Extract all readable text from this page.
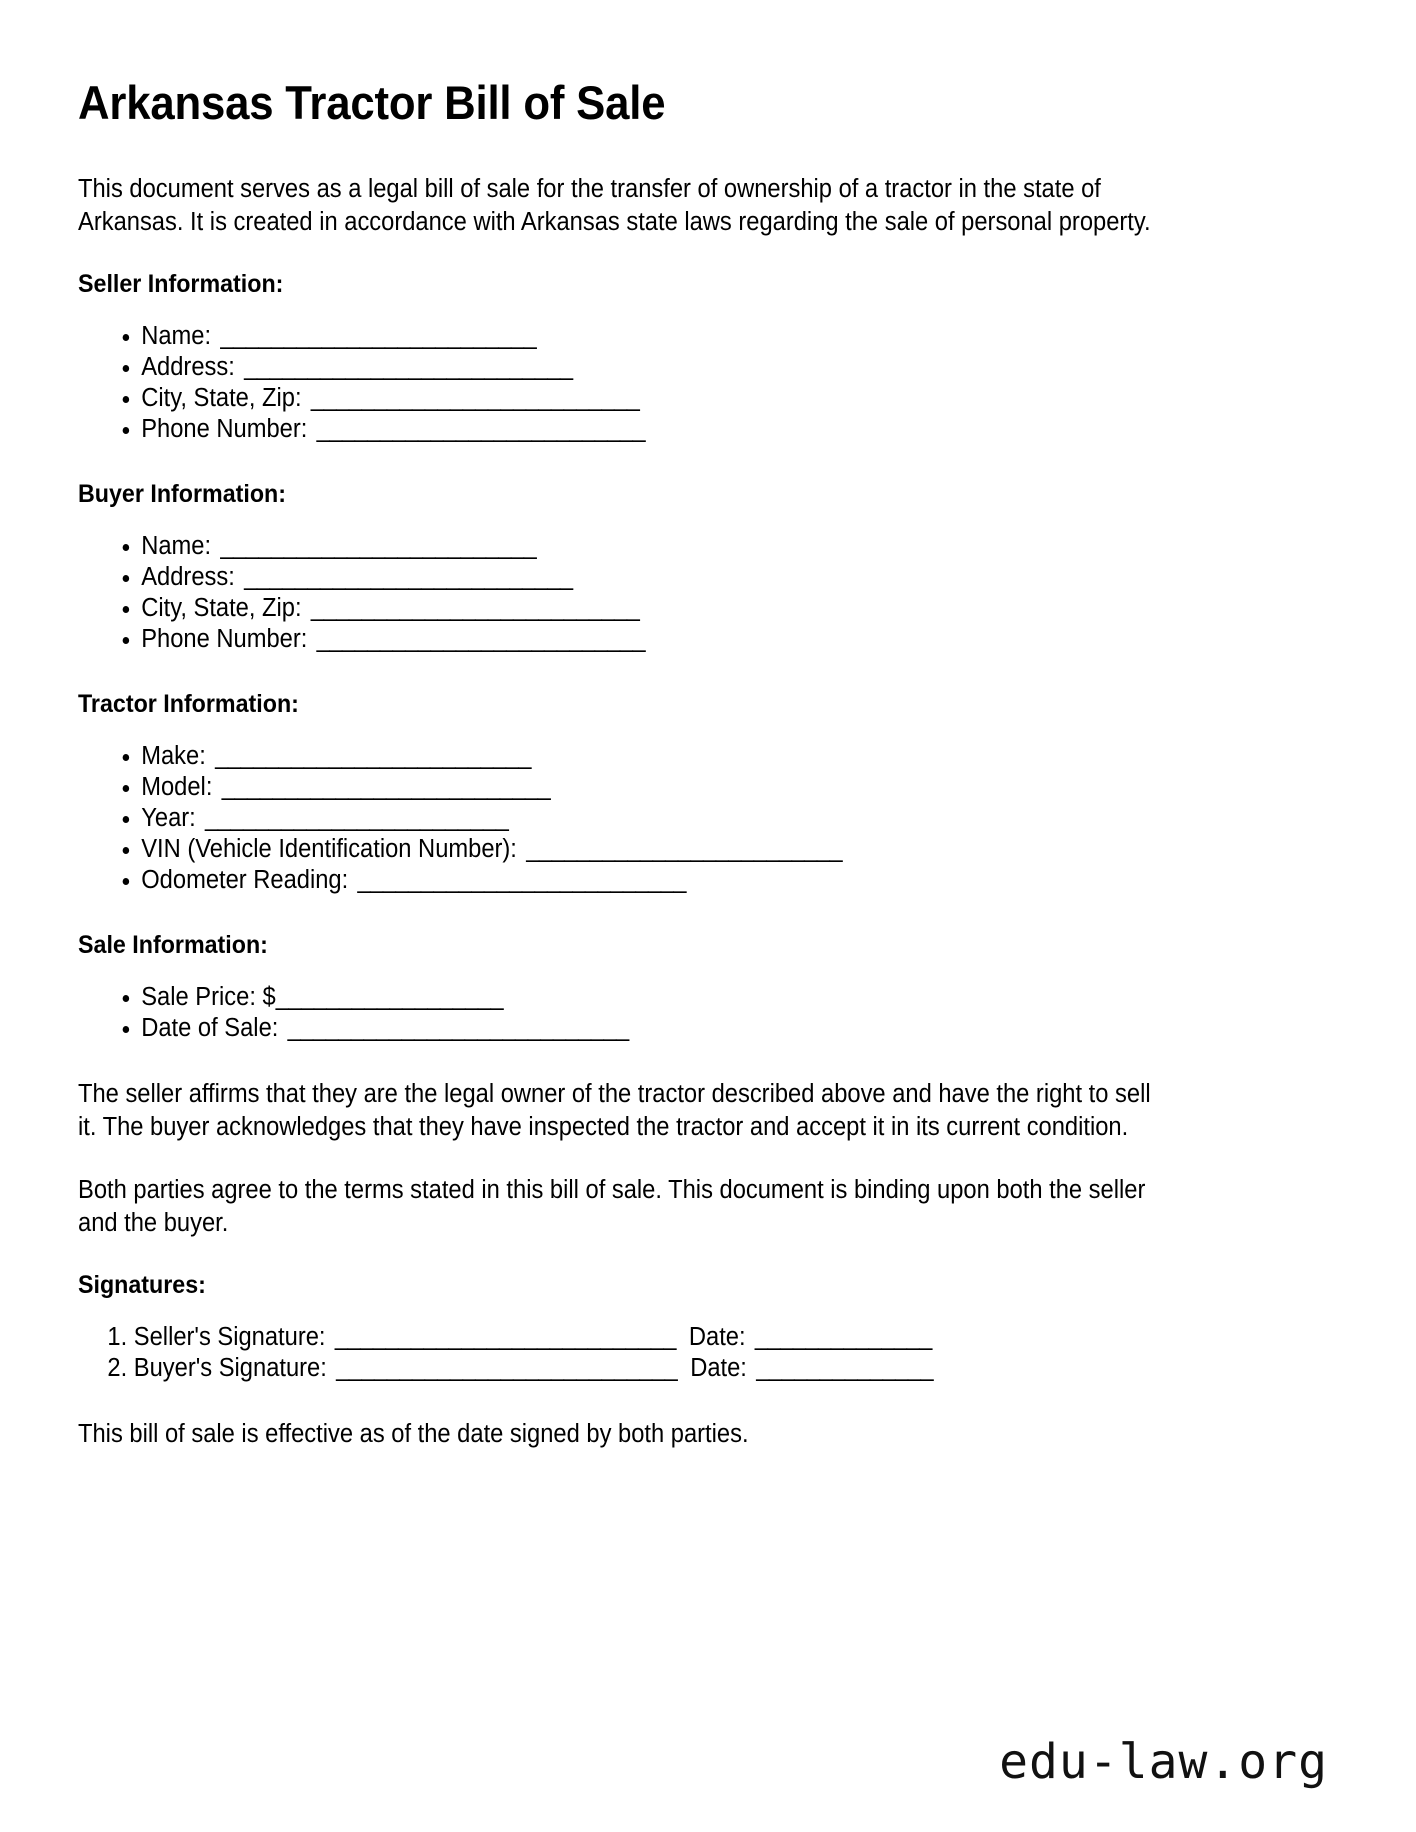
Arkansas Tractor Bill of Sale

This document serves as a legal bill of sale for the transfer of ownership of a tractor in the state of Arkansas. It is created in accordance with Arkansas state laws regarding the sale of personal property.

Seller Information:
• Name: _________________________
• Address: __________________________
• City, State, Zip: __________________________
• Phone Number: __________________________
Buyer Information:
• Name: _________________________
• Address: __________________________
• City, State, Zip: __________________________
• Phone Number: __________________________
Tractor Information:
• Make: _________________________
• Model: __________________________
• Year: ________________________
• VIN (Vehicle Identification Number): _________________________
• Odometer Reading: __________________________
Sale Information:
• Sale Price: $__________________
• Date of Sale: ___________________________

The seller affirms that they are the legal owner of the tractor described above and have the right to sell it. The buyer acknowledges that they have inspected the tractor and accept it in its current condition.

Both parties agree to the terms stated in this bill of sale. This document is binding upon both the seller and the buyer.

Signatures:
1. Seller's Signature: ___________________________ Date: ______________
2. Buyer's Signature: ___________________________ Date: ______________

This bill of sale is effective as of the date signed by both parties.

edu-law.org
